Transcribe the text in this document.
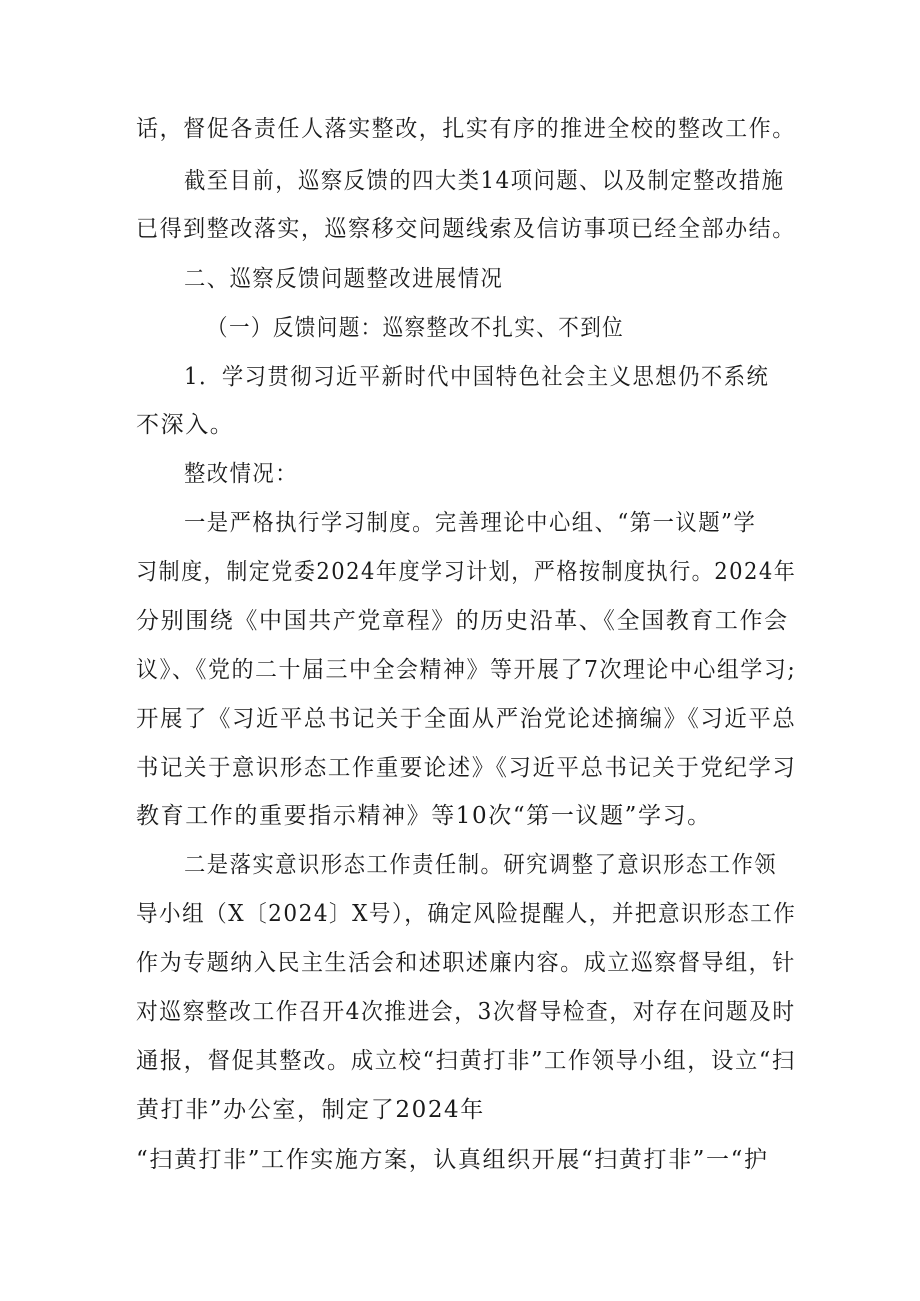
话，督促各责任人落实整改，扎实有序的推进全校的整改工作。
截至目前，巡察反馈的四大类14项问题、以及制定整改措施
已得到整改落实，巡察移交问题线索及信访事项已经全部办结。
二、巡察反馈问题整改进展情况
（一）反馈问题：巡察整改不扎实、不到位
1．学习贯彻习近平新时代中国特色社会主义思想仍不系统
不深入。
整改情况：
一是严格执行学习制度。完善理论中心组、“第一议题”学
习制度，制定党委2024年度学习计划，严格按制度执行。2024年
分别围绕《中国共产党章程》的历史沿革、《全国教育工作会
议》、《党的二十届三中全会精神》等开展了7次理论中心组学习;
开展了《习近平总书记关于全面从严治党论述摘编》《习近平总
书记关于意识形态工作重要论述》《习近平总书记关于党纪学习
教育工作的重要指示精神》等10次“第一议题”学习。
二是落实意识形态工作责任制。研究调整了意识形态工作领
导小组（X〔2024〕X号），确定风险提醒人，并把意识形态工作
作为专题纳入民主生活会和述职述廉内容。成立巡察督导组，针
对巡察整改工作召开4次推进会，3次督导检查，对存在问题及时
通报，督促其整改。成立校“扫黄打非”工作领导小组，设立“扫
黄打非”办公室，制定了2024年
“扫黄打非”工作实施方案，认真组织开展“扫黄打非”一“护
